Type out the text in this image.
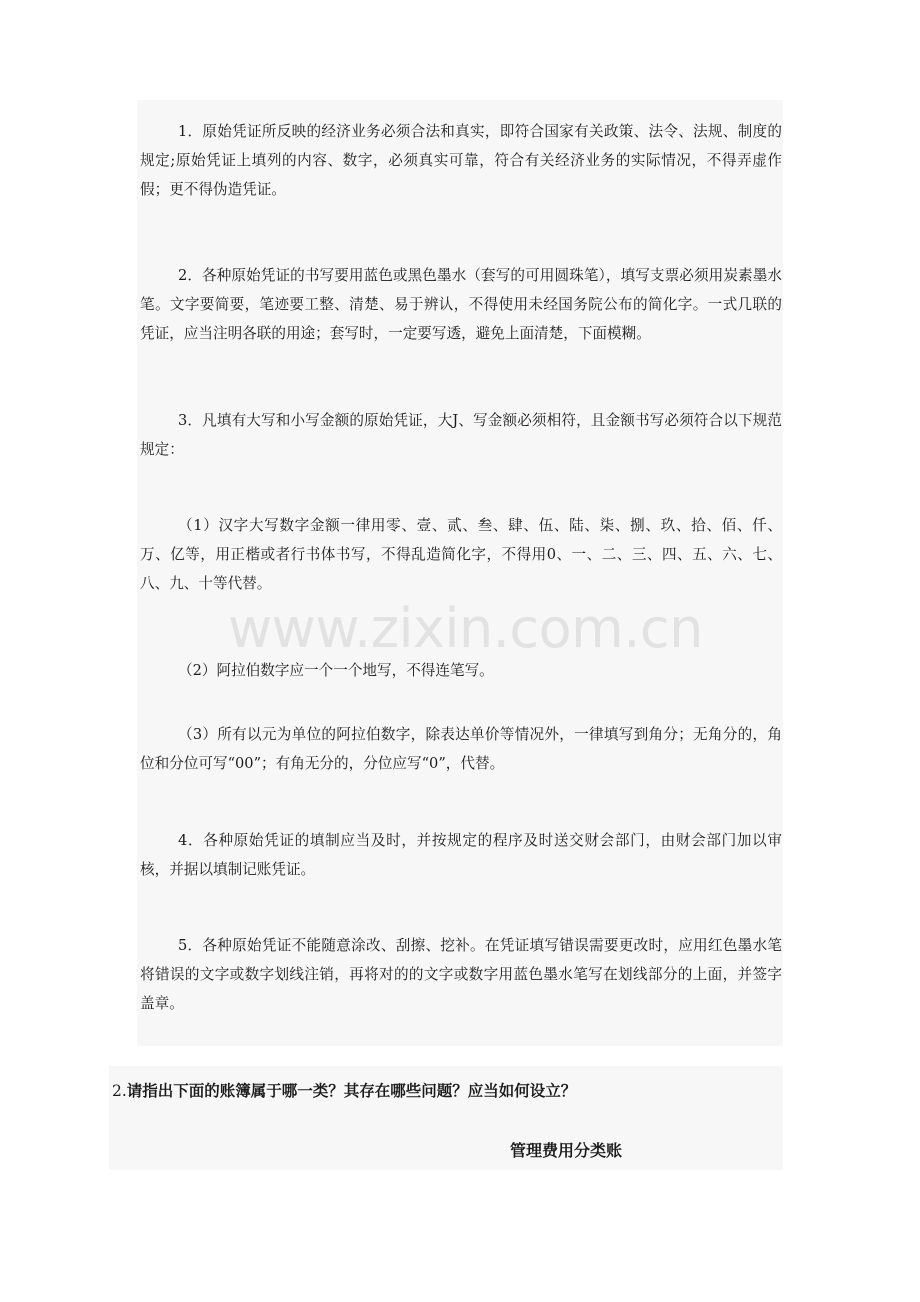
1．原始凭证所反映的经济业务必须合法和真实，即符合国家有关政策、法令、法规、制度的规定;原始凭证上填列的内容、数字，必须真实可靠，符合有关经济业务的实际情况，不得弄虚作假；更不得伪造凭证。

2．各种原始凭证的书写要用蓝色或黑色墨水（套写的可用圆珠笔），填写支票必须用炭素墨水笔。文字要简要，笔迹要工整、清楚、易于辨认，不得使用未经国务院公布的简化字。一式几联的凭证，应当注明各联的用途；套写时，一定要写透，避免上面清楚，下面模糊。

3．凡填有大写和小写金额的原始凭证，大J、写金额必须相符，且金额书写必须符合以下规范规定：

（1）汉字大写数字金额一律用零、壹、贰、叁、肆、伍、陆、柒、捌、玖、拾、佰、仟、万、亿等，用正楷或者行书体书写，不得乱造简化字，不得用0、一、二、三、四、五、六、七、八、九、十等代替。

（2）阿拉伯数字应一个一个地写，不得连笔写。

（3）所有以元为单位的阿拉伯数字，除表达单价等情况外，一律填写到角分；无角分的，角位和分位可写“00”；有角无分的，分位应写“0”，代替。

4．各种原始凭证的填制应当及时，并按规定的程序及时送交财会部门，由财会部门加以审核，并据以填制记账凭证。

5．各种原始凭证不能随意涂改、刮擦、挖补。在凭证填写错误需要更改时，应用红色墨水笔将错误的文字或数字划线注销，再将对的的文字或数字用蓝色墨水笔写在划线部分的上面，并签字盖章。

www.zixin.com.cn
2.请指出下面的账簿属于哪一类？其存在哪些问题？应当如何设立？
管理费用分类账
